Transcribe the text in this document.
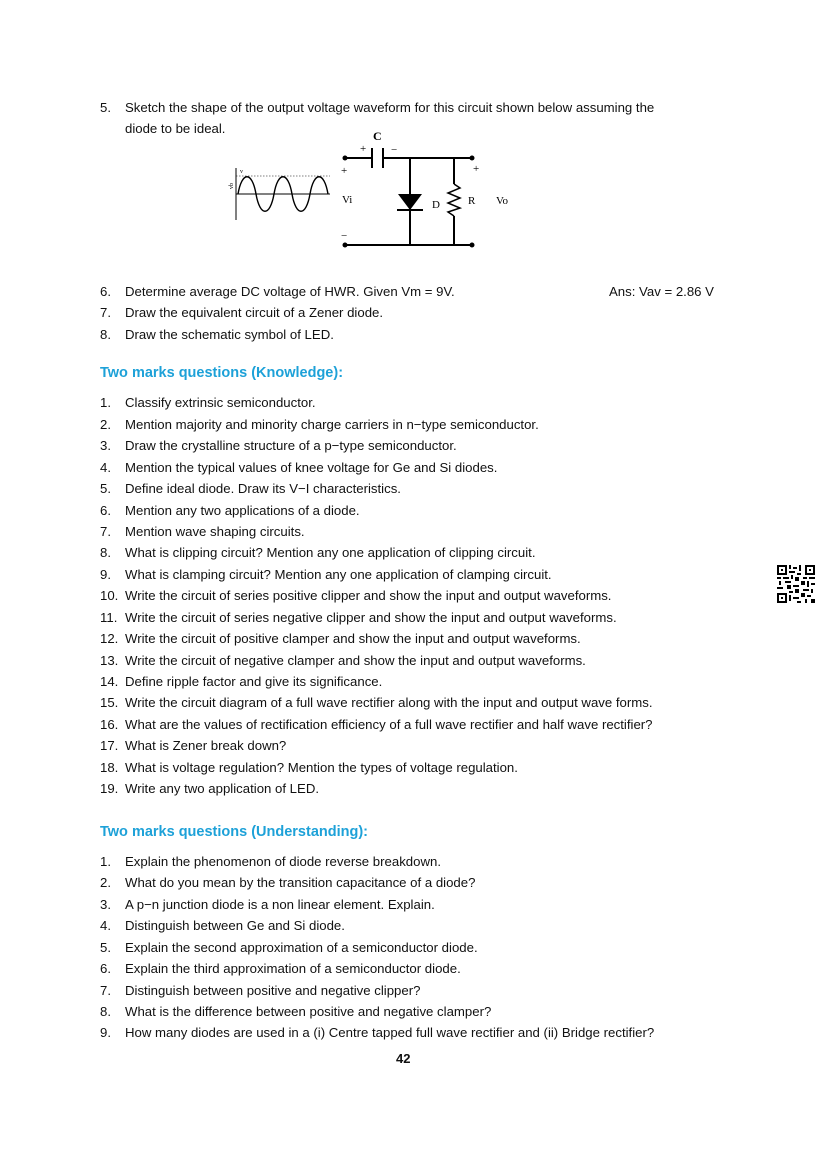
5. Sketch the shape of the output voltage waveform for this circuit shown below assuming the
diode to be ideal.
v
vb
C
+ −
D	R
+
−
+
Vi	Vo
6. Determine average DC voltage of HWR. Given Vm = 9V.	Ans: Vav = 2.86 V
7. Draw the equivalent circuit of a Zener diode.
8. Draw the schematic symbol of LED.
Two marks questions (Knowledge):
1. Classify extrinsic semiconductor.
2. Mention majority and minority charge carriers in n−type semiconductor.
3. Draw the crystalline structure of a p−type semiconductor.
4. Mention the typical values of knee voltage for Ge and Si diodes.
5. Define ideal diode. Draw its V−I characteristics.
6. Mention any two applications of a diode.
7. Mention wave shaping circuits.
8. What is clipping circuit? Mention any one application of clipping circuit.
9. What is clamping circuit? Mention any one application of clamping circuit.
10. Write the circuit of series positive clipper and show the input and output waveforms.
11. Write the circuit of series negative clipper and show the input and output waveforms.
12. Write the circuit of positive clamper and show the input and output waveforms.
13. Write the circuit of negative clamper and show the input and output waveforms.
14. Define ripple factor and give its significance.
15. Write the circuit diagram of a full wave rectifier along with the input and output wave forms.
16. What are the values of rectification efficiency of a full wave rectifier and half wave rectifier?
17. What is Zener break down?
18. What is voltage regulation? Mention the types of voltage regulation.
19. Write any two application of LED.
Two marks questions (Understanding):
1. Explain the phenomenon of diode reverse breakdown.
2. What do you mean by the transition capacitance of a diode?
3. A p−n junction diode is a non linear element. Explain.
4. Distinguish between Ge and Si diode.
5. Explain the second approximation of a semiconductor diode.
6. Explain the third approximation of a semiconductor diode.
7. Distinguish between positive and negative clipper?
8. What is the difference between positive and negative clamper?
9. How many diodes are used in a (i) Centre tapped full wave rectifier and (ii) Bridge rectifier?
42
